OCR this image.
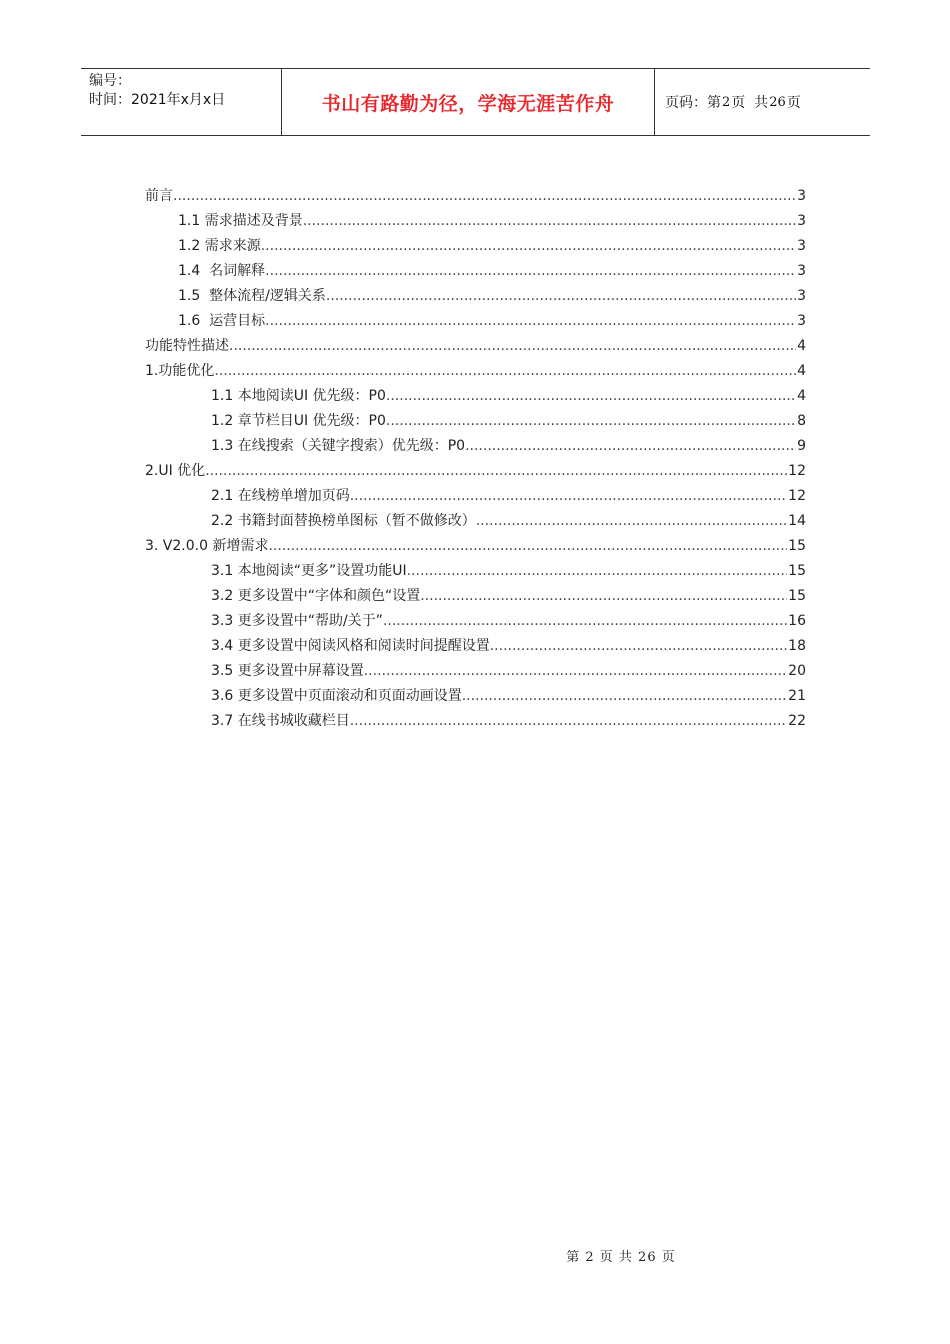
编号：
时间：2021年x月x日	书山有路勤为径，学海无涯苦作舟	页码：第 2 页  共 26 页
前言 .....	3
1.1 需求描述及背景 .....	3
1.2 需求来源 .....	3
1.4  名词解释 .....	3
1.5  整体流程/逻辑关系 .....	3
1.6  运营目标 .....	3
功能特性描述 .....	4
1.功能优化 .....	4
1.1 本地阅读UI 优先级：P0 .....	4
1.2 章节栏目UI 优先级：P0 .....	8
1.3 在线搜索（关键字搜索）优先级：P0 .....	9
2.UI 优化 .....	12
2.1 在线榜单增加页码 .....	12
2.2 书籍封面替换榜单图标（暂不做修改） .....	14
3. V2.0.0 新增需求 .....	15
3.1 本地阅读“更多”设置功能UI .....	15
3.2 更多设置中“字体和颜色“设置 .....	15
3.3 更多设置中“帮助/关于” .....	16
3.4 更多设置中阅读风格和阅读时间提醒设置 .....	18
3.5 更多设置中屏幕设置 .....	20
3.6 更多设置中页面滚动和页面动画设置 .....	21
3.7 在线书城收藏栏目 .....	22
第 2 页 共 26 页
